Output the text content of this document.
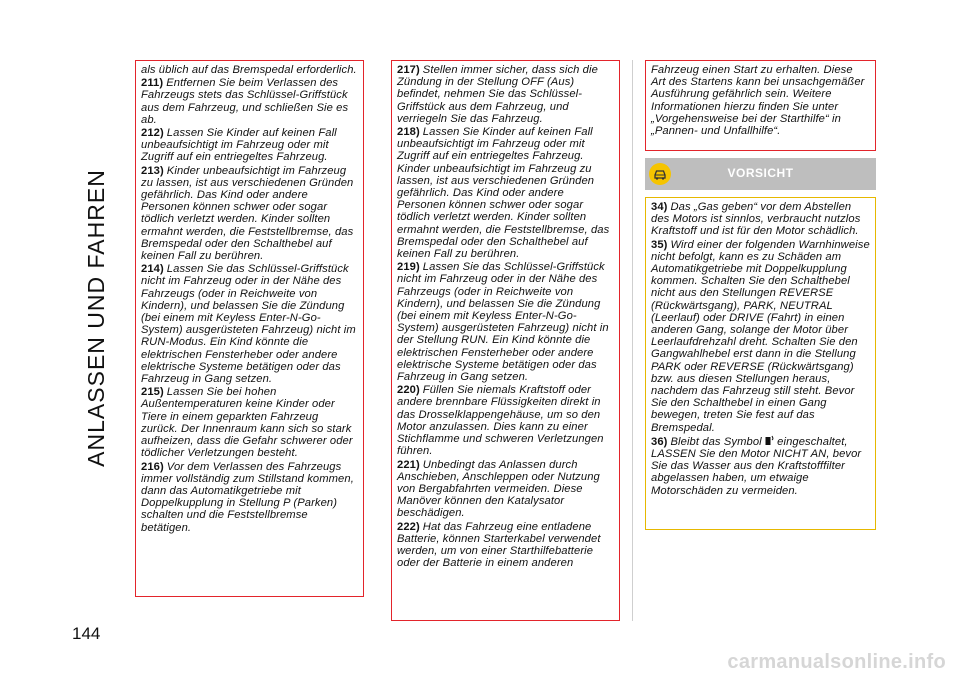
ANLASSEN UND FAHREN
144

als üblich auf das Bremspedal erforderlich.

211) Entfernen Sie beim Verlassen des Fahrzeugs stets das Schlüssel-Griffstück aus dem Fahrzeug, und schließen Sie es ab.

212) Lassen Sie Kinder auf keinen Fall unbeaufsichtigt im Fahrzeug oder mit Zugriff auf ein entriegeltes Fahrzeug.

213) Kinder unbeaufsichtigt im Fahrzeug zu lassen, ist aus verschiedenen Gründen gefährlich. Das Kind oder andere Personen können schwer oder sogar tödlich verletzt werden. Kinder sollten ermahnt werden, die Feststellbremse, das Bremspedal oder den Schalthebel auf keinen Fall zu berühren.

214) Lassen Sie das Schlüssel-Griffstück nicht im Fahrzeug oder in der Nähe des Fahrzeugs (oder in Reichweite von Kindern), und belassen Sie die Zündung (bei einem mit Keyless Enter-N-Go-System) ausgerüsteten Fahrzeug) nicht im RUN-Modus. Ein Kind könnte die elektrischen Fensterheber oder andere elektrische Systeme betätigen oder das Fahrzeug in Gang setzen.

215) Lassen Sie bei hohen Außentemperaturen keine Kinder oder Tiere in einem geparkten Fahrzeug zurück. Der Innenraum kann sich so stark aufheizen, dass die Gefahr schwerer oder tödlicher Verletzungen besteht.

216) Vor dem Verlassen des Fahrzeugs immer vollständig zum Stillstand kommen, dann das Automatikgetriebe mit Doppelkupplung in Stellung P (Parken) schalten und die Feststellbremse betätigen.

217) Stellen immer sicher, dass sich die Zündung in der Stellung OFF (Aus) befindet, nehmen Sie das Schlüssel-Griffstück aus dem Fahrzeug, und verriegeln Sie das Fahrzeug.

218) Lassen Sie Kinder auf keinen Fall unbeaufsichtigt im Fahrzeug oder mit Zugriff auf ein entriegeltes Fahrzeug. Kinder unbeaufsichtigt im Fahrzeug zu lassen, ist aus verschiedenen Gründen gefährlich. Das Kind oder andere Personen können schwer oder sogar tödlich verletzt werden. Kinder sollten ermahnt werden, die Feststellbremse, das Bremspedal oder den Schalthebel auf keinen Fall zu berühren.

219) Lassen Sie das Schlüssel-Griffstück nicht im Fahrzeug oder in der Nähe des Fahrzeugs (oder in Reichweite von Kindern), und belassen Sie die Zündung (bei einem mit Keyless Enter-N-Go-System) ausgerüsteten Fahrzeug) nicht in der Stellung RUN. Ein Kind könnte die elektrischen Fensterheber oder andere elektrische Systeme betätigen oder das Fahrzeug in Gang setzen.

220) Füllen Sie niemals Kraftstoff oder andere brennbare Flüssigkeiten direkt in das Drosselklappengehäuse, um so den Motor anzulassen. Dies kann zu einer Stichflamme und schweren Verletzungen führen.

221) Unbedingt das Anlassen durch Anschieben, Anschleppen oder Nutzung von Bergabfahrten vermeiden. Diese Manöver können den Katalysator beschädigen.

222) Hat das Fahrzeug eine entladene Batterie, können Starterkabel verwendet werden, um von einer Starthilfebatterie oder der Batterie in einem anderen

Fahrzeug einen Start zu erhalten. Diese Art des Startens kann bei unsachgemäßer Ausführung gefährlich sein. Weitere Informationen hierzu finden Sie unter „Vorgehensweise bei der Starthilfe“ in „Pannen- und Unfallhilfe“.

VORSICHT

34) Das „Gas geben“ vor dem Abstellen des Motors ist sinnlos, verbraucht nutzlos Kraftstoff und ist für den Motor schädlich.

35) Wird einer der folgenden Warnhinweise nicht befolgt, kann es zu Schäden am Automatikgetriebe mit Doppelkupplung kommen. Schalten Sie den Schalthebel nicht aus den Stellungen REVERSE (Rückwärtsgang), PARK, NEUTRAL (Leerlauf) oder DRIVE (Fahrt) in einen anderen Gang, solange der Motor über Leerlaufdrehzahl dreht. Schalten Sie den Gangwahlhebel erst dann in die Stellung PARK oder REVERSE (Rückwärtsgang) bzw. aus diesen Stellungen heraus, nachdem das Fahrzeug still steht. Bevor Sie den Schalthebel in einen Gang bewegen, treten Sie fest auf das Bremspedal.

36) Bleibt das Symbol eingeschaltet, LASSEN Sie den Motor NICHT AN, bevor Sie das Wasser aus den Kraftstofffilter abgelassen haben, um etwaige Motorschäden zu vermeiden.

carmanualsonline.info
